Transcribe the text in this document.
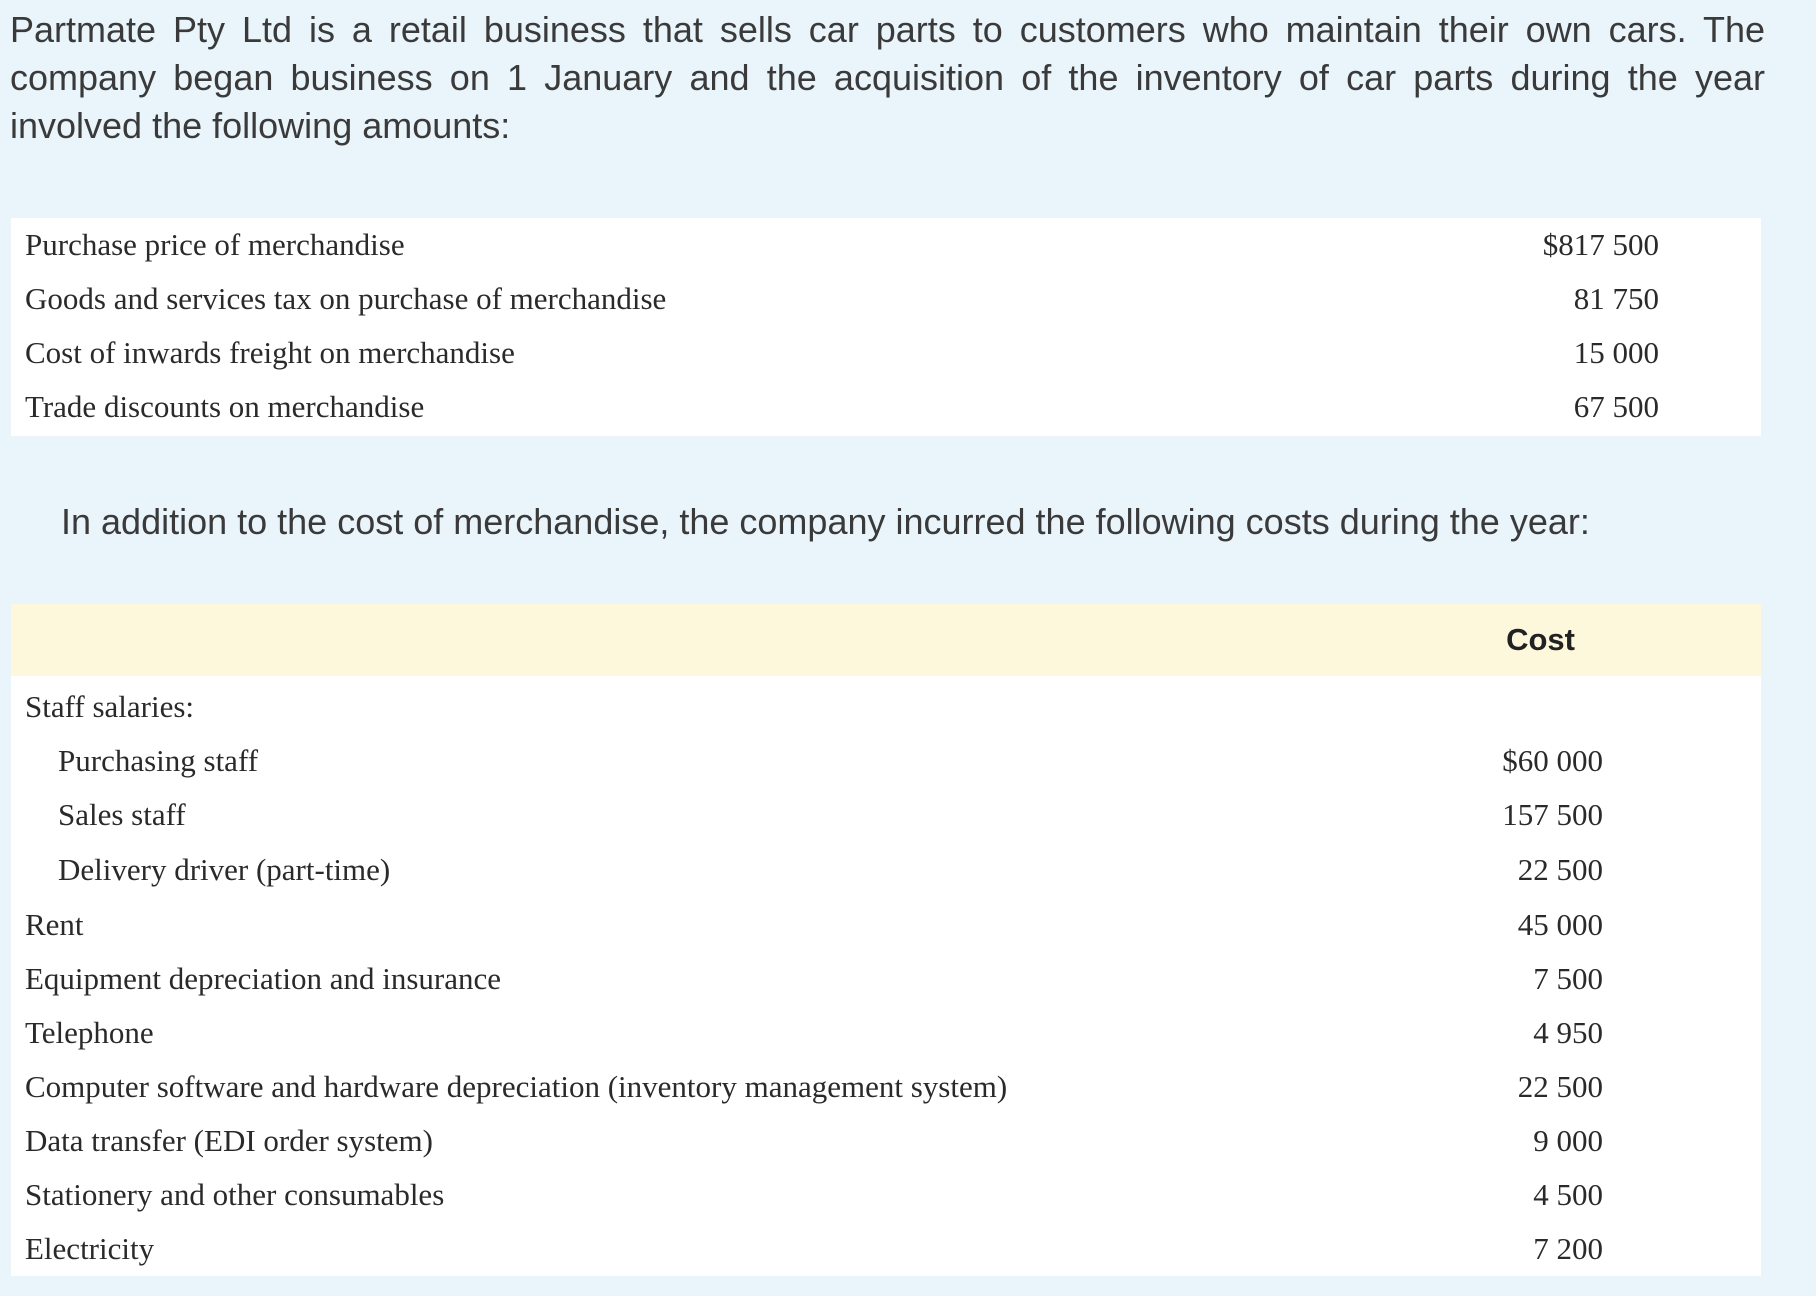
Partmate Pty Ltd is a retail business that sells car parts to customers who maintain their own cars. The company began business on 1 January and the acquisition of the inventory of car parts during the year involved the following amounts:
Purchase price of merchandise	$817 500
Goods and services tax on purchase of merchandise	81 750
Cost of inwards freight on merchandise	15 000
Trade discounts on merchandise	67 500
In addition to the cost of merchandise, the company incurred the following costs during the year:
Cost
Staff salaries:
Purchasing staff	$60 000
Sales staff	157 500
Delivery driver (part-time)	22 500
Rent	45 000
Equipment depreciation and insurance	7 500
Telephone	4 950
Computer software and hardware depreciation (inventory management system)	22 500
Data transfer (EDI order system)	9 000
Stationery and other consumables	4 500
Electricity	7 200
